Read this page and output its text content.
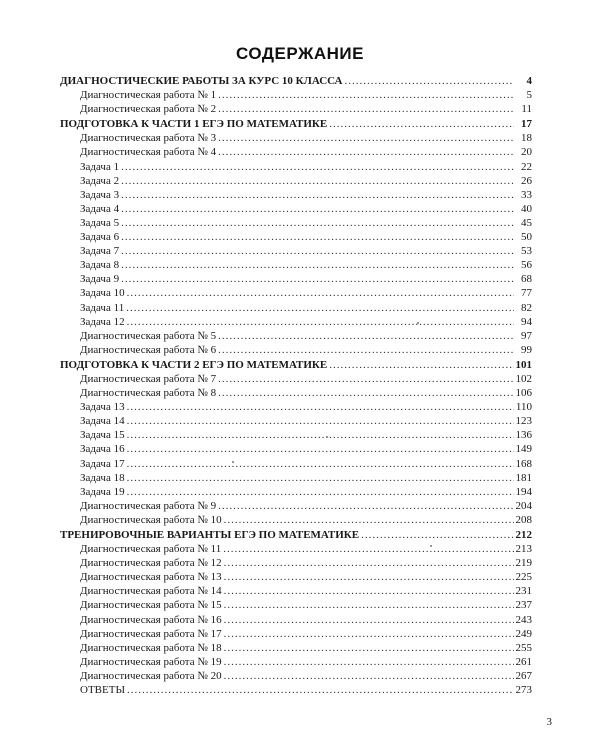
СОДЕРЖАНИЕ
ДИАГНОСТИЧЕСКИЕ РАБОТЫ ЗА КУРС 10 КЛАССА .....	4
Диагностическая работа № 1 .....	5
Диагностическая работа № 2 .....	11
ПОДГОТОВКА К ЧАСТИ 1 ЕГЭ ПО МАТЕМАТИКЕ .....	17
Диагностическая работа № 3 .....	18
Диагностическая работа № 4 .....	20
Задача 1 .....	22
Задача 2 .....	26
Задача 3 .....	33
Задача 4 .....	40
Задача 5 .....	45
Задача 6 .....	50
Задача 7 .....	53
Задача 8 .....	56
Задача 9 .....	68
Задача 10 .....	77
Задача 11 .....	82
Задача 12 .....	94
Диагностическая работа № 5 .....	97
Диагностическая работа № 6 .....	99
ПОДГОТОВКА К ЧАСТИ 2 ЕГЭ ПО МАТЕМАТИКЕ .....	101
Диагностическая работа № 7 .....	102
Диагностическая работа № 8 .....	106
Задача 13 .....	110
Задача 14 .....	123
Задача 15 .....	136
Задача 16 .....	149
Задача 17 .....	168
Задача 18 .....	181
Задача 19 .....	194
Диагностическая работа № 9 .....	204
Диагностическая работа № 10 .....	208
ТРЕНИРОВОЧНЫЕ ВАРИАНТЫ ЕГЭ ПО МАТЕМАТИКЕ .....	212
Диагностическая работа № 11 .....	213
Диагностическая работа № 12 .....	219
Диагностическая работа № 13 .....	225
Диагностическая работа № 14 .....	231
Диагностическая работа № 15 .....	237
Диагностическая работа № 16 .....	243
Диагностическая работа № 17 .....	249
Диагностическая работа № 18 .....	255
Диагностическая работа № 19 .....	261
Диагностическая работа № 20 .....	267
ОТВЕТЫ .....	273
3
